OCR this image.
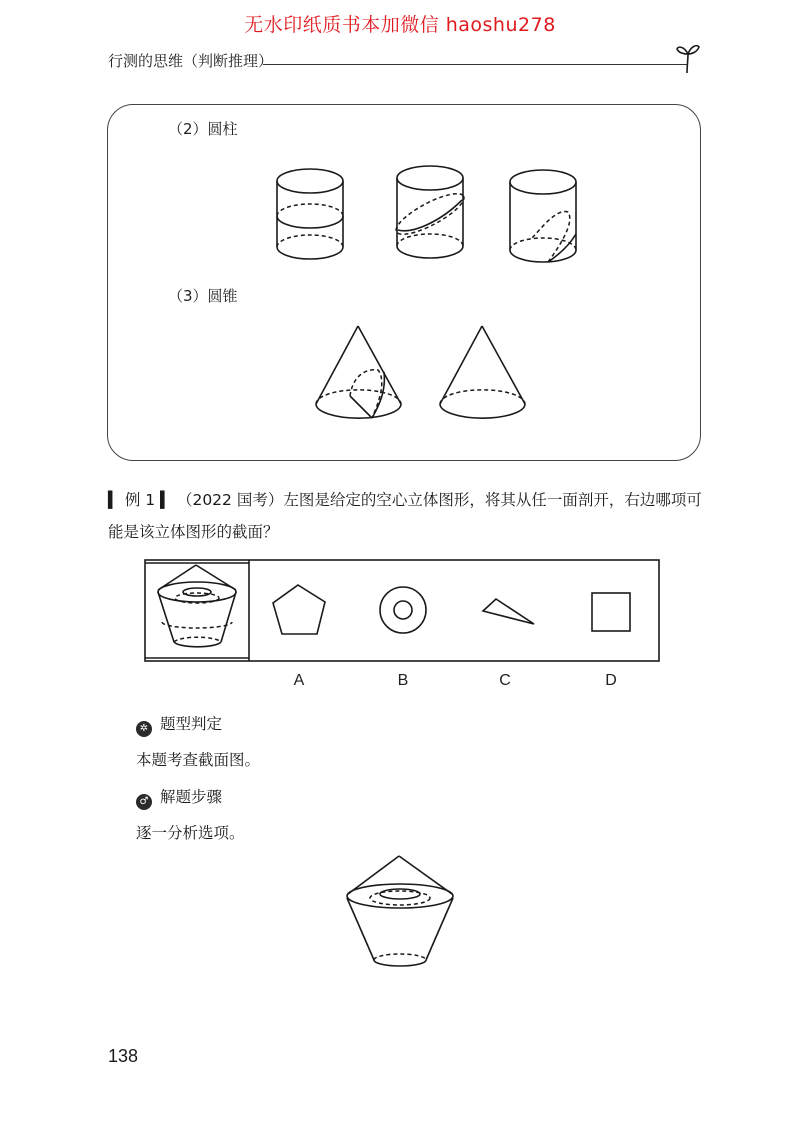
无水印纸质书本加微信 haoshu278
行测的思维（判断推理）
（2）圆柱
（3）圆锥
▍ 例 1 ▍ （2022 国考）左图是给定的空心立体图形，将其从任一面剖开，右边哪项可能是该立体图形的截面？
A	B	C	D
✲ 题型判定
本题考查截面图。
♂ 解题步骤
逐一分析选项。
138
